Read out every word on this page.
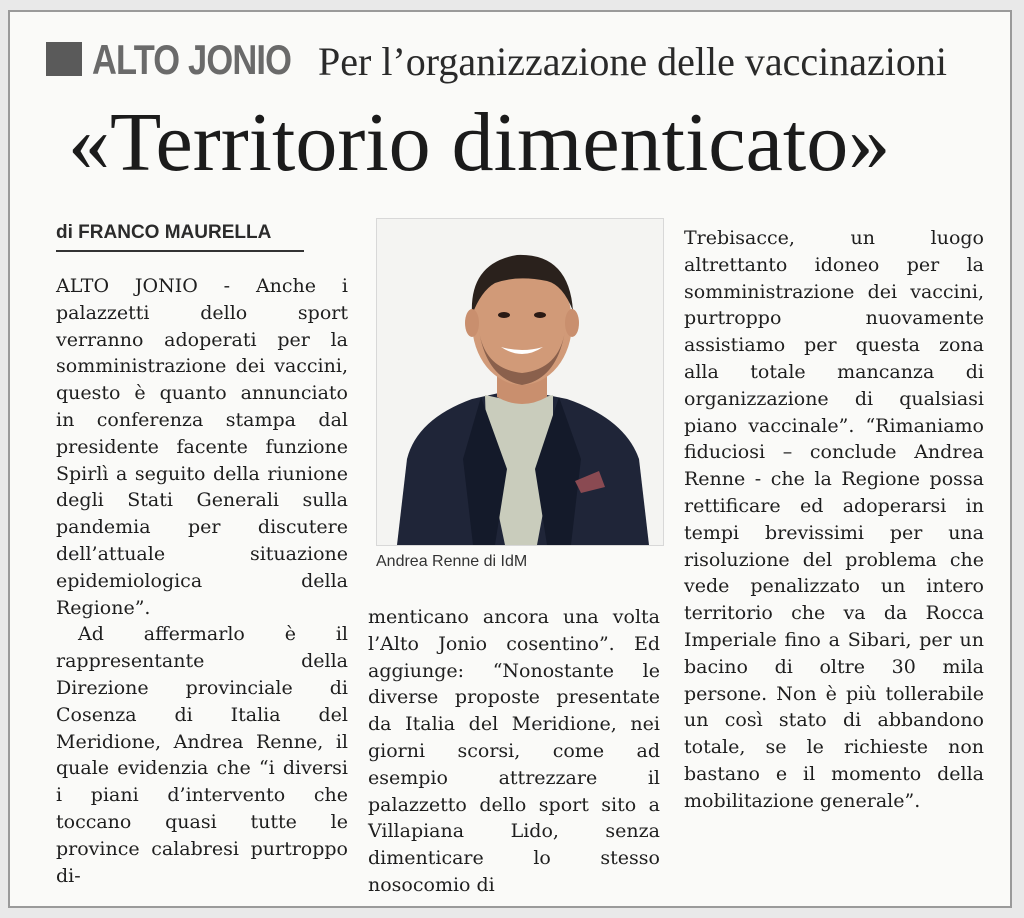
ALTO JONIO Per l’organizzazione delle vaccinazioni
«Territorio dimenticato»
di FRANCO MAURELLA

ALTO JONIO - Anche i palazzetti dello sport verranno adoperati per la somministrazione dei vaccini, questo è quanto annunciato in conferenza stampa dal presidente facente funzione Spirlì a seguito della riunione degli Stati Generali sulla pandemia per discutere dell’attuale situazione epidemiologica della Regione”.

Ad affermarlo è il rappresentante della Direzione provinciale di Cosenza di Italia del Meridione, Andrea Renne, il quale evidenzia che “i diversi i piani d’intervento che toccano quasi tutte le province calabresi purtroppo di-

Andrea Renne di IdM

menticano ancora una volta l’Alto Jonio cosentino”. Ed aggiunge: “Nonostante le diverse proposte presentate da Italia del Meridione, nei giorni scorsi, come ad esempio attrezzare il palazzetto dello sport sito a Villapiana Lido, senza dimenticare lo stesso nosocomio di

Trebisacce, un luogo altrettanto idoneo per la somministrazione dei vaccini, purtroppo nuovamente assistiamo per questa zona alla totale mancanza di organizzazione di qualsiasi piano vaccinale”. “Rimaniamo fiduciosi – conclude Andrea Renne - che la Regione possa rettificare ed adoperarsi in tempi brevissimi per una risoluzione del problema che vede penalizzato un intero territorio che va da Rocca Imperiale fino a Sibari, per un bacino di oltre 30 mila persone. Non è più tollerabile un così stato di abbandono totale, se le richieste non bastano e il momento della mobilitazione generale”.
